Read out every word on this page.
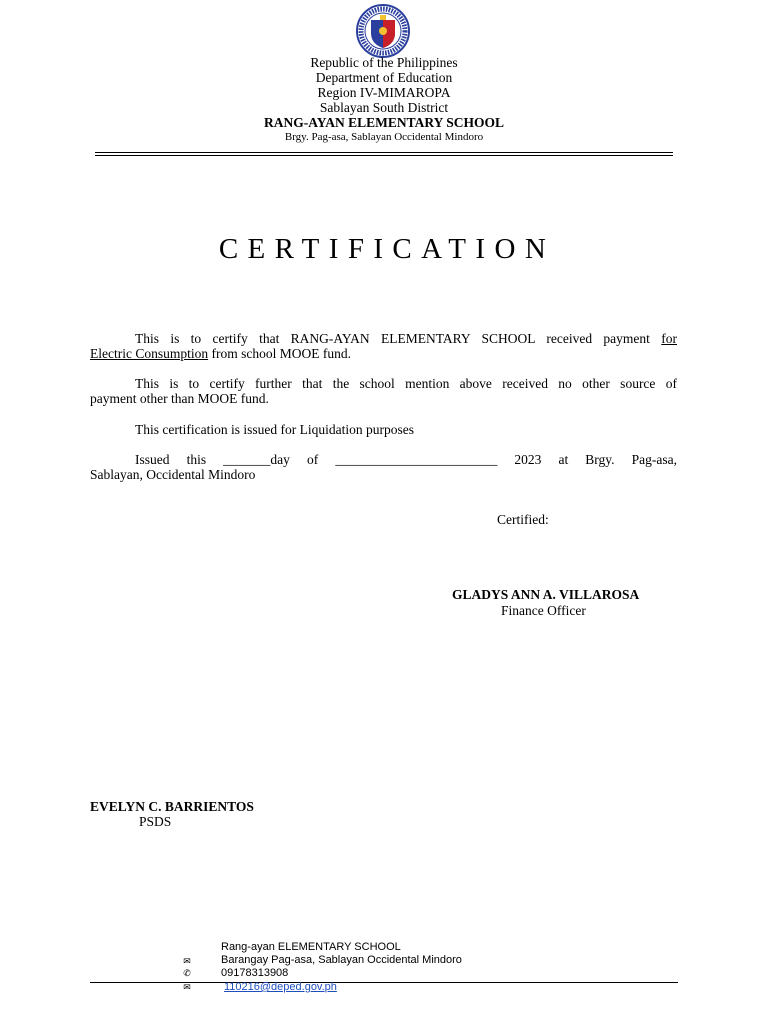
Republic of the Philippines
Department of Education
Region IV-MIMAROPA
Sablayan South District
RANG-AYAN ELEMENTARY SCHOOL
Brgy. Pag-asa, Sablayan Occidental Mindoro
CERTIFICATION
This is to certify that RANG-AYAN ELEMENTARY SCHOOL received payment for
Electric Consumption from school MOOE fund.
This is to certify further that the school mention above received no other source of
payment other than MOOE fund.
This certification is issued for Liquidation purposes
Issued this _______day of ________________________ 2023 at Brgy. Pag-asa,
Sablayan, Occidental Mindoro
Certified:
GLADYS ANN A. VILLAROSA
Finance Officer
EVELYN C. BARRIENTOS
PSDS
Rang-ayan ELEMENTARY SCHOOL
✉	Barangay Pag-asa, Sablayan Occidental Mindoro
✆	09178313908
✉	110216@deped.gov.ph
